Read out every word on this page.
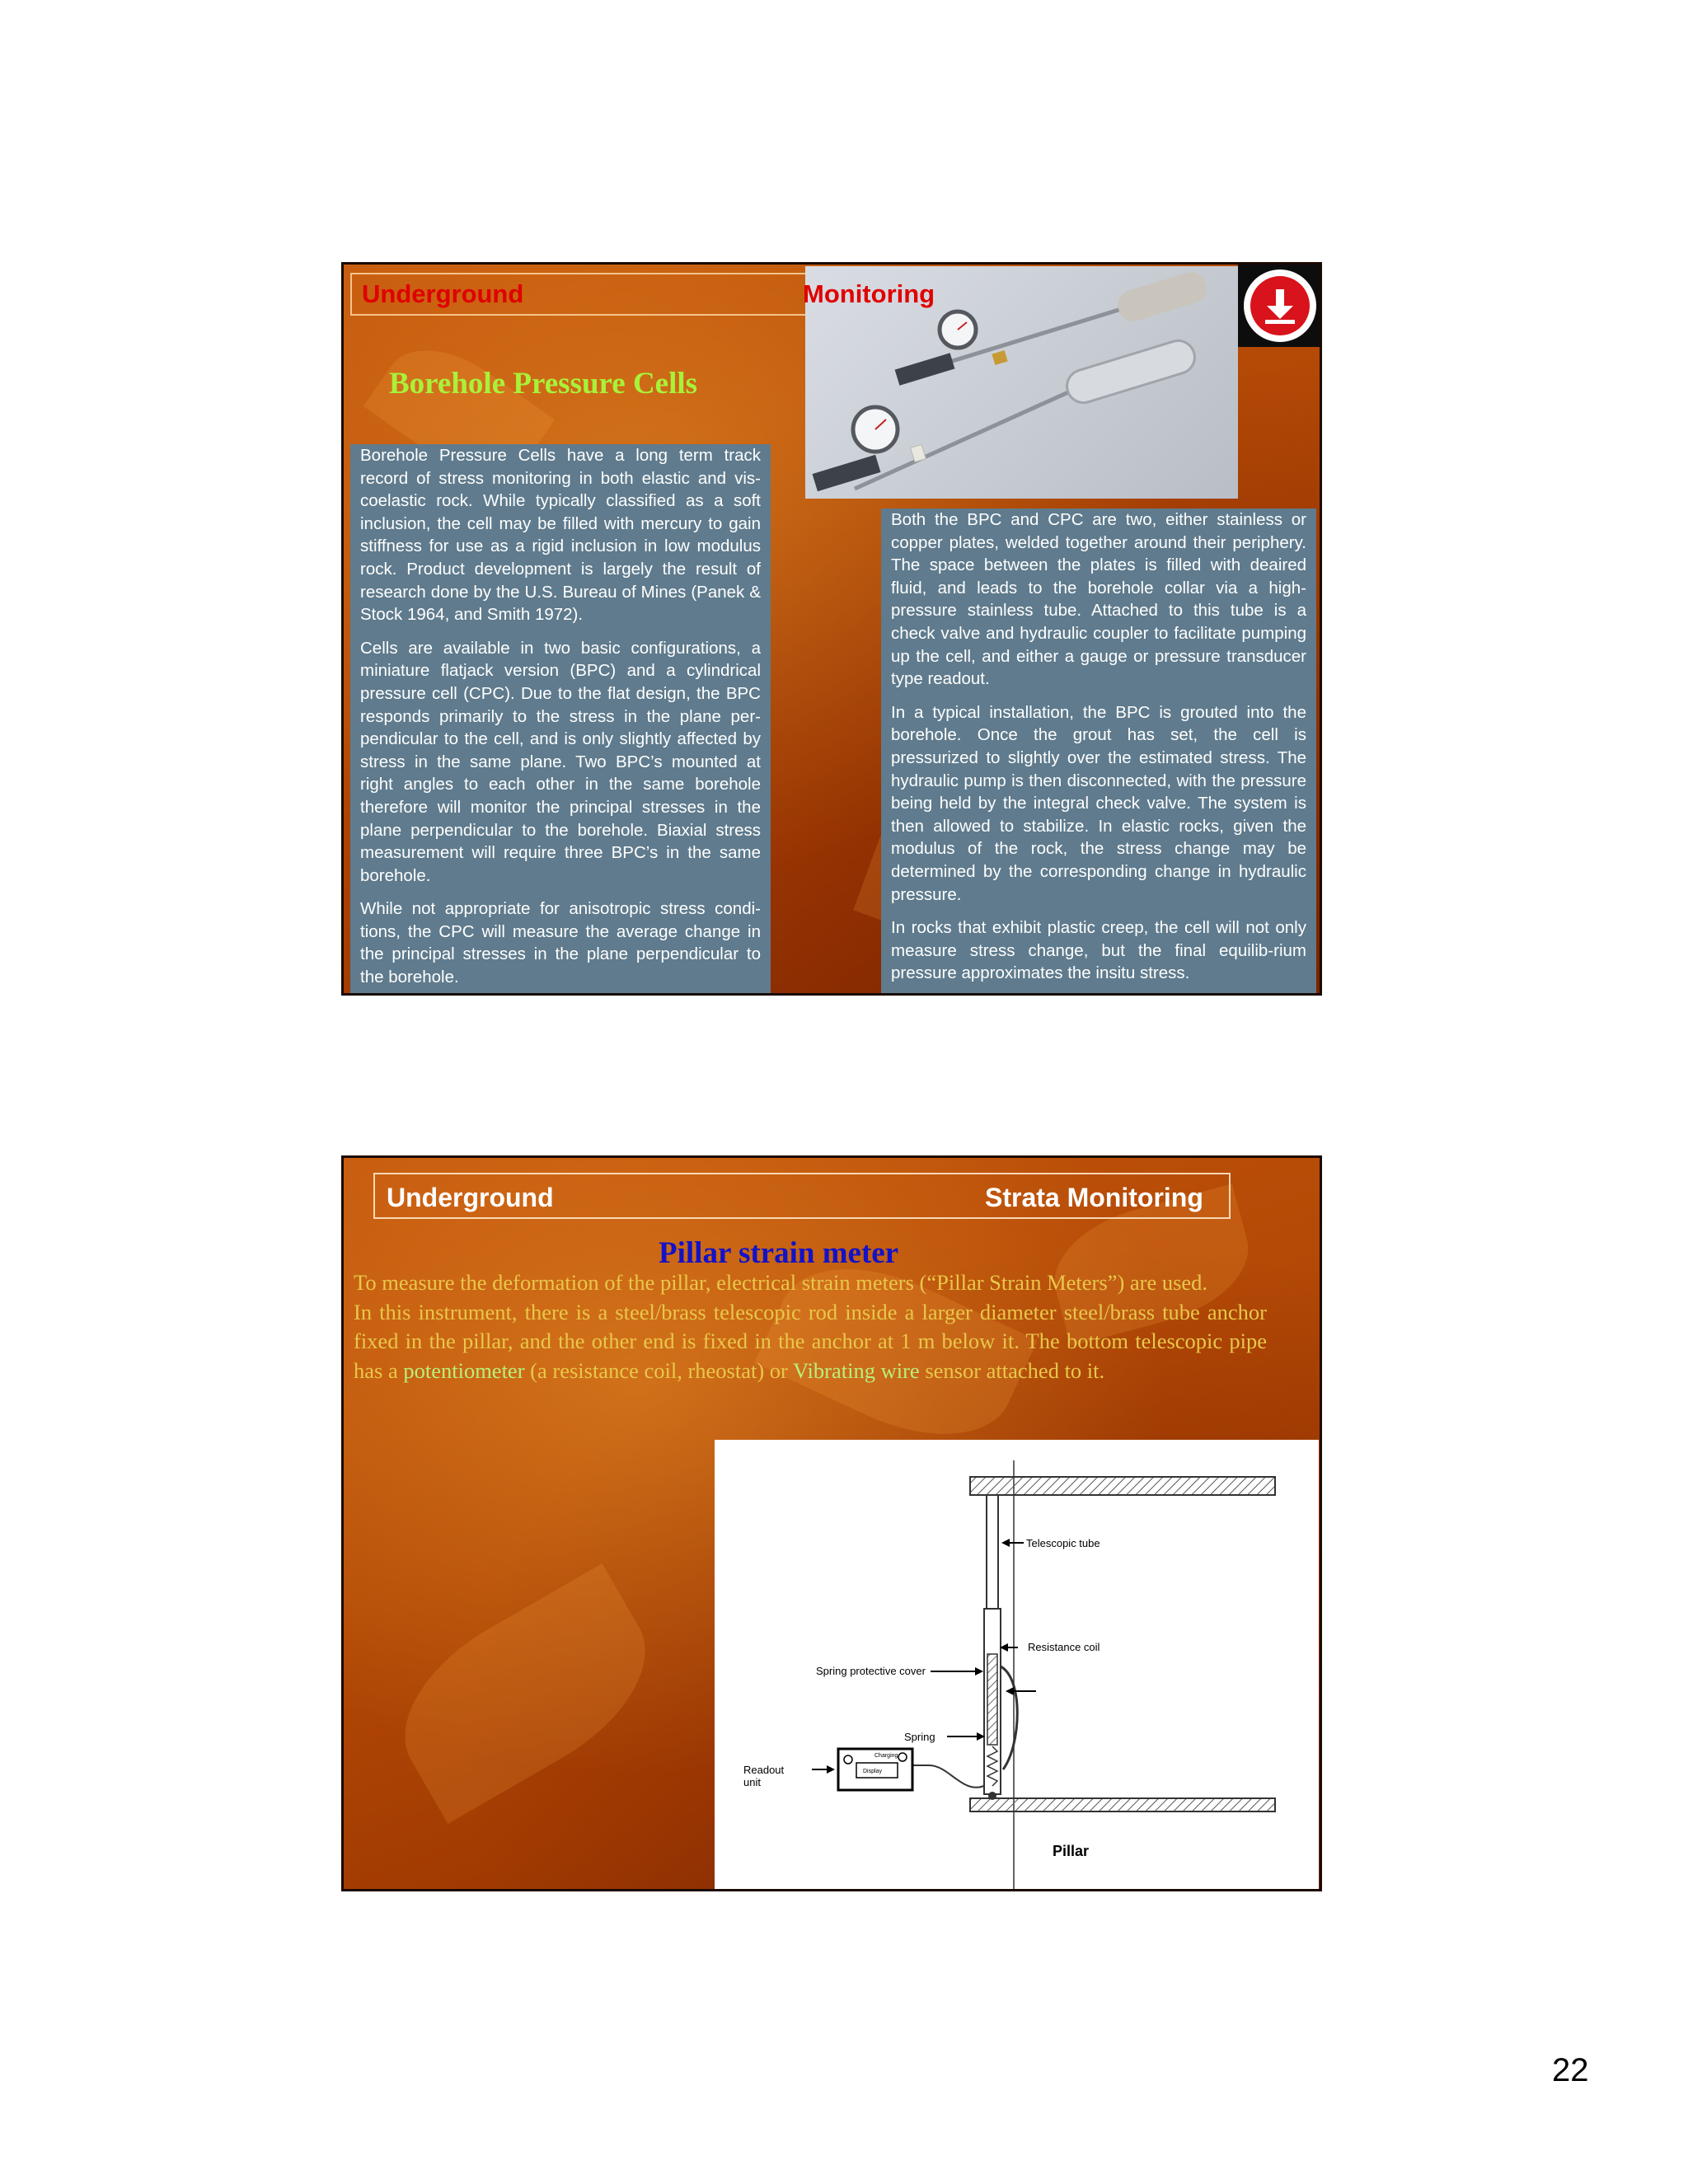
Underground	Monitoring
Borehole Pressure Cells

Borehole Pressure Cells have a long term track record of stress monitoring in both elastic and vis-coelastic rock. While typically classified as a soft inclusion, the cell may be filled with mercury to gain stiffness for use as a rigid inclusion in low modulus rock. Product development is largely the result of research done by the U.S. Bureau of Mines (Panek & Stock 1964, and Smith 1972).

Cells are available in two basic configurations, a miniature flatjack version (BPC) and a cylindrical pressure cell (CPC). Due to the flat design, the BPC responds primarily to the stress in the plane per-pendicular to the cell, and is only slightly affected by stress in the same plane. Two BPC’s mounted at right angles to each other in the same borehole therefore will monitor the principal stresses in the plane perpendicular to the borehole. Biaxial stress measurement will require three BPC’s in the same borehole.

While not appropriate for anisotropic stress condi-tions, the CPC will measure the average change in the principal stresses in the plane perpendicular to the borehole.

Both the BPC and CPC are two, either stainless or copper plates, welded together around their periphery. The space between the plates is filled with deaired fluid, and leads to the borehole collar via a high-pressure stainless tube. Attached to this tube is a check valve and hydraulic coupler to facilitate pumping up the cell, and either a gauge or pressure transducer type readout.

In a typical installation, the BPC is grouted into the borehole. Once the grout has set, the cell is pressurized to slightly over the estimated stress. The hydraulic pump is then disconnected, with the pressure being held by the integral check valve. The system is then allowed to stabilize. In elastic rocks, given the modulus of the rock, the stress change may be determined by the corresponding change in hydraulic pressure.

In rocks that exhibit plastic creep, the cell will not only measure stress change, but the final equilib-rium pressure approximates the insitu stress.

Underground	Strata Monitoring
Pillar strain meter

To measure the deformation of the pillar, electrical strain meters (“Pillar Strain Meters”) are used.

In this instrument, there is a steel/brass telescopic rod inside a larger diameter steel/brass tube anchor fixed in the pillar, and the other end is fixed in the anchor at 1 m below it. The bottom telescopic pipe has a potentiometer (a resistance coil, rheostat) or Vibrating wire sensor attached to it.

Telescopic tube
Resistance coil
Spring protective cover
Spring
Charging
Display
Readout
unit
Pillar
22
